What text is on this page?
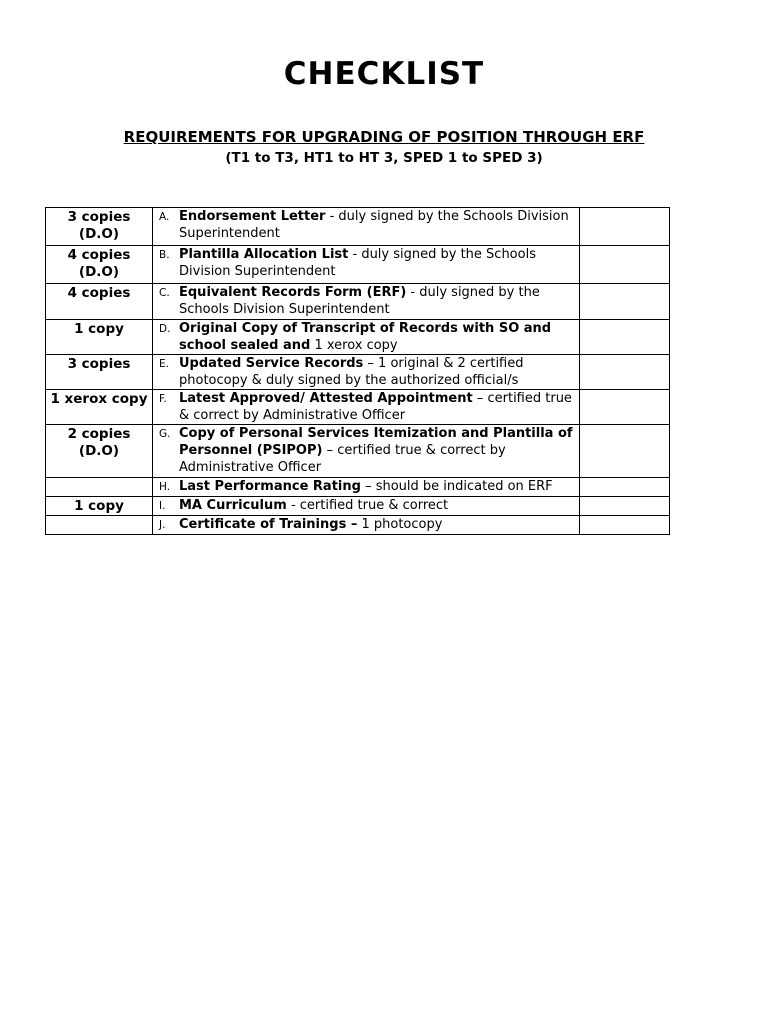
CHECKLIST
REQUIREMENTS FOR UPGRADING OF POSITION THROUGH ERF
(T1 to T3, HT1 to HT 3, SPED 1 to SPED 3)
3 copies (D.O)	A. Endorsement Letter - duly signed by the Schools Division Superintendent	

4 copies (D.O)	B. Plantilla Allocation List - duly signed by the Schools Division Superintendent	

4 copies	C. Equivalent Records Form (ERF) - duly signed by the Schools Division Superintendent	

1 copy	D. Original Copy of Transcript of Records with SO and school sealed and 1 xerox copy	

3 copies	E. Updated Service Records – 1 original & 2 certified photocopy & duly signed by the authorized official/s	

1 xerox copy	F. Latest Approved/ Attested Appointment – certified true & correct by Administrative Officer	

2 copies (D.O)	G. Copy of Personal Services Itemization and Plantilla of Personnel (PSIPOP) – certified true & correct by Administrative Officer	

	H. Last Performance Rating – should be indicated on ERF	

1 copy	I. MA Curriculum - certified true & correct	

	J. Certificate of Trainings – 1 photocopy	
